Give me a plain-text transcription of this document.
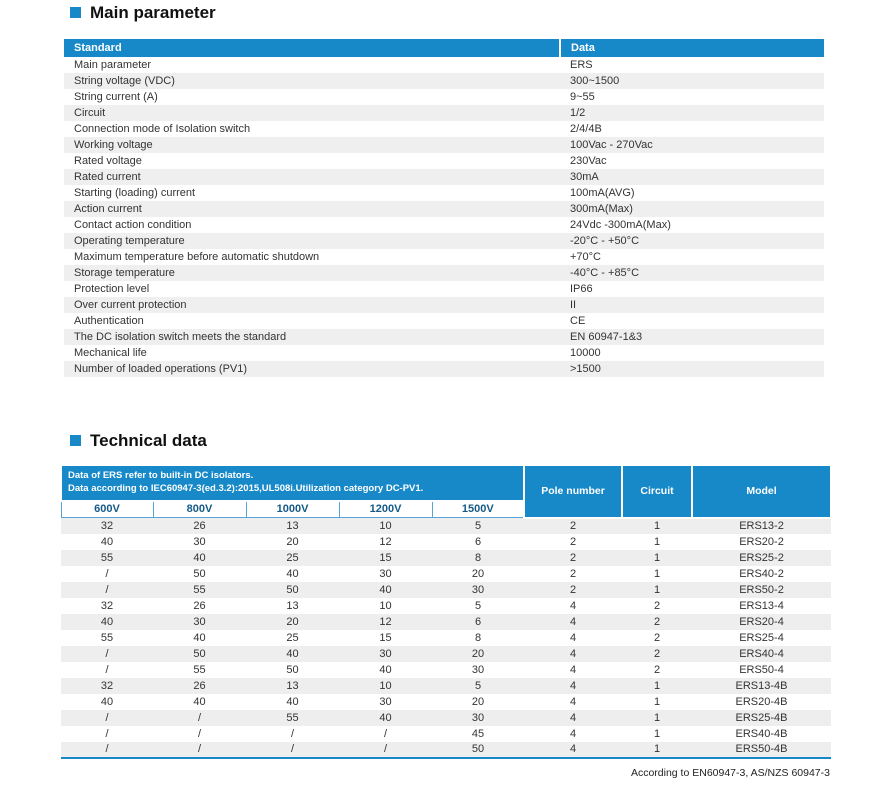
Main parameter
Standard	Data
Main parameter	ERS
String voltage (VDC)	300~1500
String current (A)	9~55
Circuit	1/2
Connection mode of Isolation switch	2/4/4B
Working voltage	100Vac - 270Vac
Rated voltage	230Vac
Rated current	30mA
Starting (loading) current	100mA(AVG)
Action current	300mA(Max)
Contact action condition	24Vdc -300mA(Max)
Operating temperature	-20°C - +50°C
Maximum temperature before automatic shutdown	+70°C
Storage temperature	-40°C - +85°C
Protection level	IP66
Over current protection	II
Authentication	CE
The DC isolation switch meets the standard	EN 60947-1&3
Mechanical life	10000
Number of loaded operations (PV1)	>1500
Technical data
Data of ERS refer to built-in DC isolators.
Data according to IEC60947-3(ed.3.2):2015,UL508i.Utilization category DC-PV1.					Pole number	Circuit	Model
600V	800V	1000V	1200V	1500V			
32	26	13	10	5	2	1	ERS13-2
40	30	20	12	6	2	1	ERS20-2
55	40	25	15	8	2	1	ERS25-2
/	50	40	30	20	2	1	ERS40-2
/	55	50	40	30	2	1	ERS50-2
32	26	13	10	5	4	2	ERS13-4
40	30	20	12	6	4	2	ERS20-4
55	40	25	15	8	4	2	ERS25-4
/	50	40	30	20	4	2	ERS40-4
/	55	50	40	30	4	2	ERS50-4
32	26	13	10	5	4	1	ERS13-4B
40	40	40	30	20	4	1	ERS20-4B
/	/	55	40	30	4	1	ERS25-4B
/	/	/	/	45	4	1	ERS40-4B
/	/	/	/	50	4	1	ERS50-4B
According to EN60947-3, AS/NZS 60947-3
